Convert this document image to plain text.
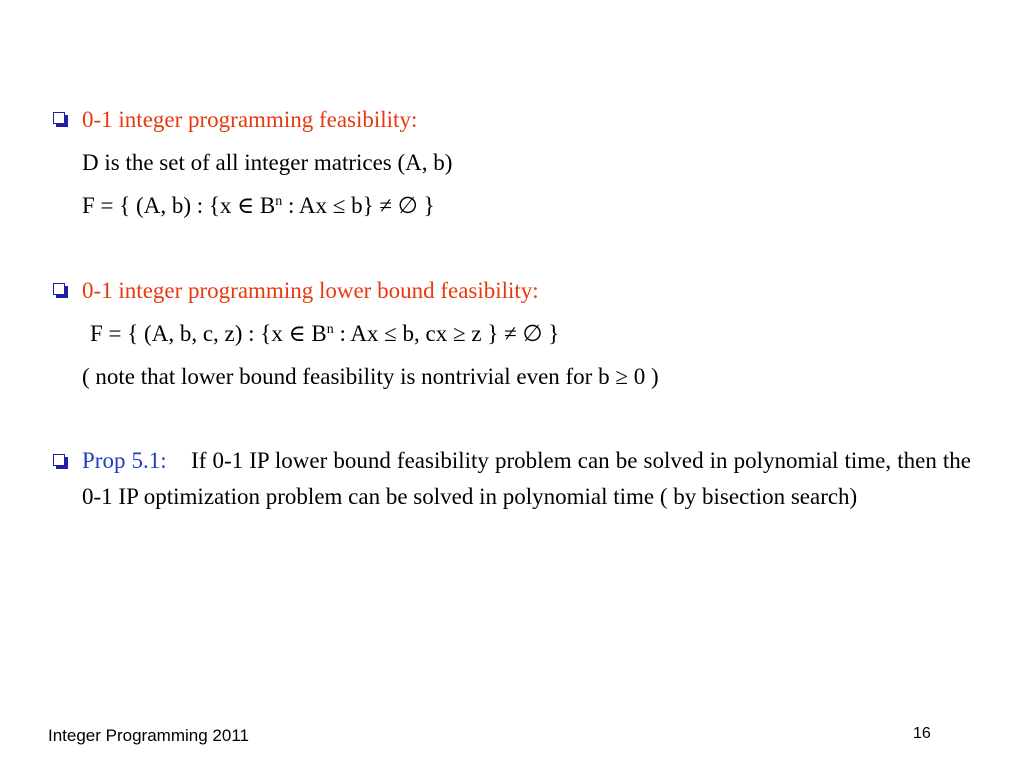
0-1 integer programming feasibility:
D is the set of all integer matrices (A, b)
F = { (A, b) : {x ∈ $B^n$ : Ax ≤ b} ≠ ∅ }
0-1 integer programming lower bound feasibility:
F = { (A, b, c, z) : {x ∈ $B^n$ : Ax ≤ b, cx ≥ z } ≠ ∅ }
( note that lower bound feasibility is nontrivial even for b ≥ 0 )
Prop 5.1: If 0-1 IP lower bound feasibility problem can be solved in polynomial time, then the 0-1 IP optimization problem can be solved in polynomial time ( by bisection search)
Integer Programming 2011	16
